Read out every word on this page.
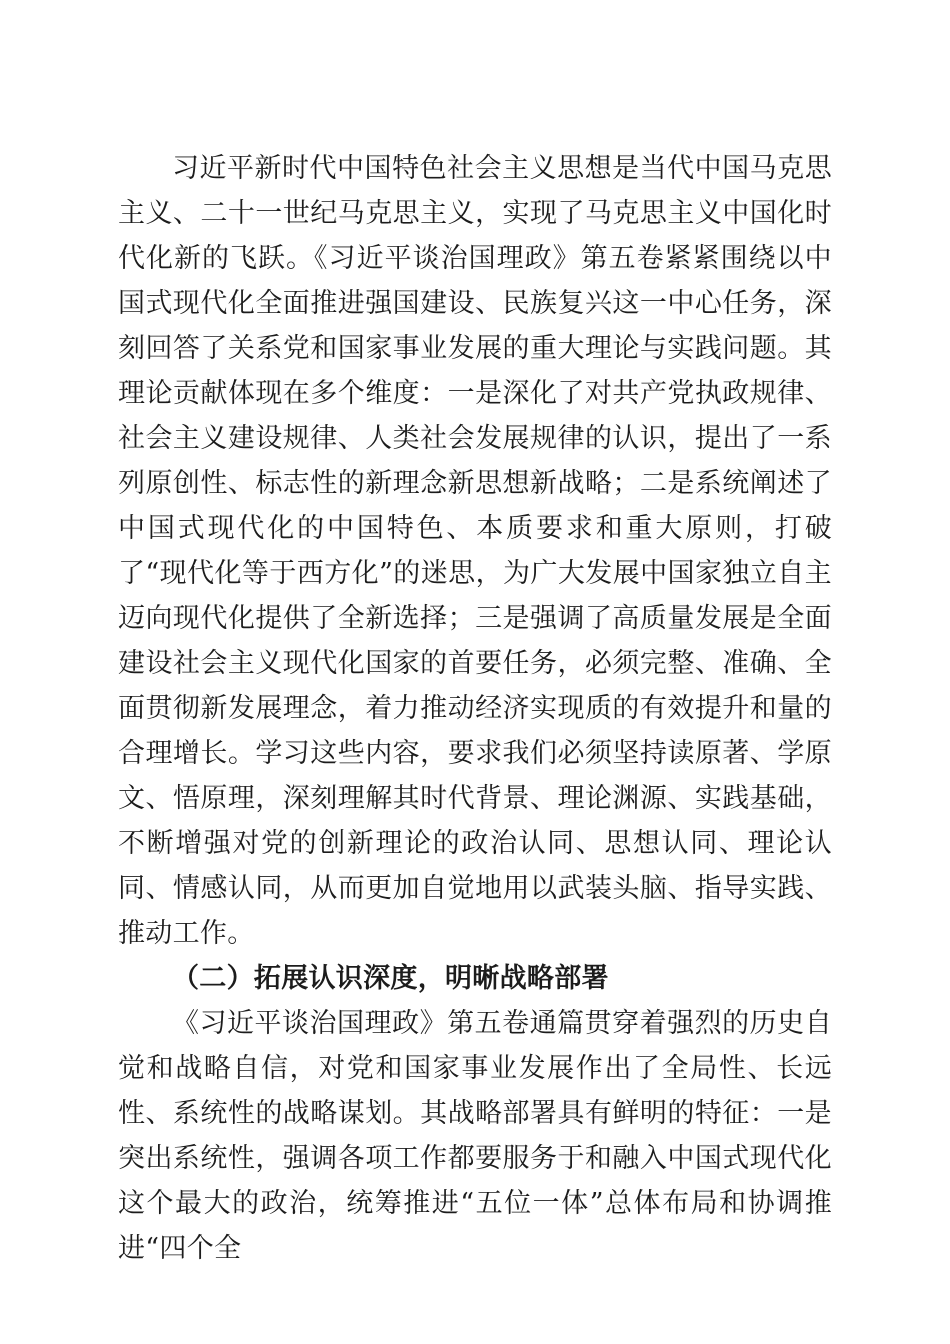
习近平新时代中国特色社会主义思想是当代中国马克思主义、二十一世纪马克思主义，实现了马克思主义中国化时代化新的飞跃。《习近平谈治国理政》第五卷紧紧围绕以中国式现代化全面推进强国建设、民族复兴这一中心任务，深刻回答了关系党和国家事业发展的重大理论与实践问题。其理论贡献体现在多个维度：一是深化了对共产党执政规律、社会主义建设规律、人类社会发展规律的认识，提出了一系列原创性、标志性的新理念新思想新战略；二是系统阐述了中国式现代化的中国特色、本质要求和重大原则，打破了“现代化等于西方化”的迷思，为广大发展中国家独立自主迈向现代化提供了全新选择；三是强调了高质量发展是全面建设社会主义现代化国家的首要任务，必须完整、准确、全面贯彻新发展理念，着力推动经济实现质的有效提升和量的合理增长。学习这些内容，要求我们必须坚持读原著、学原文、悟原理，深刻理解其时代背景、理论渊源、实践基础，不断增强对党的创新理论的政治认同、思想认同、理论认同、情感认同，从而更加自觉地用以武装头脑、指导实践、推动工作。

（二）拓展认识深度，明晰战略部署

《习近平谈治国理政》第五卷通篇贯穿着强烈的历史自觉和战略自信，对党和国家事业发展作出了全局性、长远性、系统性的战略谋划。其战略部署具有鲜明的特征：一是突出系统性，强调各项工作都要服务于和融入中国式现代化这个最大的政治，统筹推进“五位一体”总体布局和协调推进“四个全
